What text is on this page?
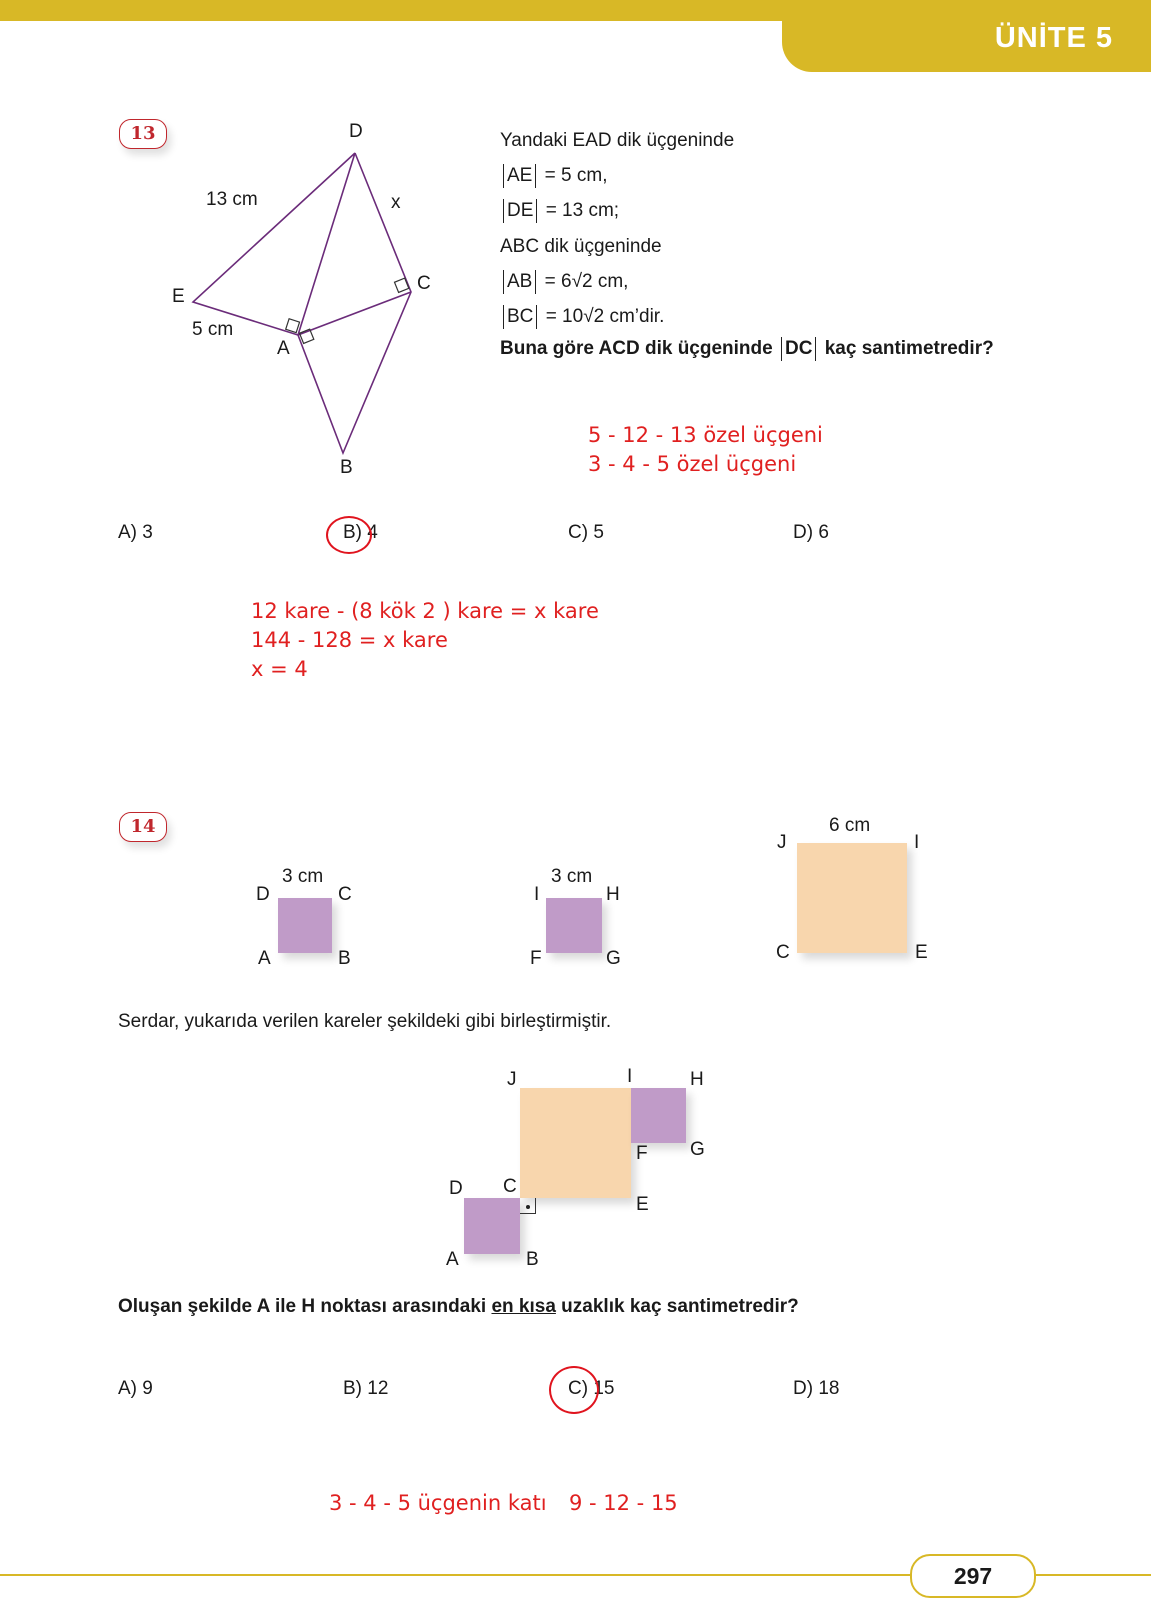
ÜNİTE 5
13	D
E
A
C
B
13 cm
5 cm
x
Yandaki EAD dik üçgeninde
AE = 5 cm,
DE = 13 cm;
ABC dik üçgeninde
AB = 6√2 cm,
BC = 10√2 cm’dir.
Buna göre ACD dik üçgeninde DC kaç santimetredir?
5 - 12 - 13 özel üçgeni
3 - 4 - 5 özel üçgeni
A) 3	B) 4	C) 5	D) 6
12 kare - (8 kök 2 ) kare = x kare
144 - 128 = x kare
x = 4
14
3 cm
D	C
A	B
3 cm
I	H
F	G
6 cm
J	I
C	E
Serdar, yukarıda verilen kareler şekildeki gibi birleştirmiştir.
J	I	H
F G
D C
E
A	B
Oluşan şekilde A ile H noktası arasındaki en kısa uzaklık kaç santimetredir?
A) 9	B) 12	C) 15	D) 18
3 - 4 - 5 üçgenin katı 9 - 12 - 15
297
